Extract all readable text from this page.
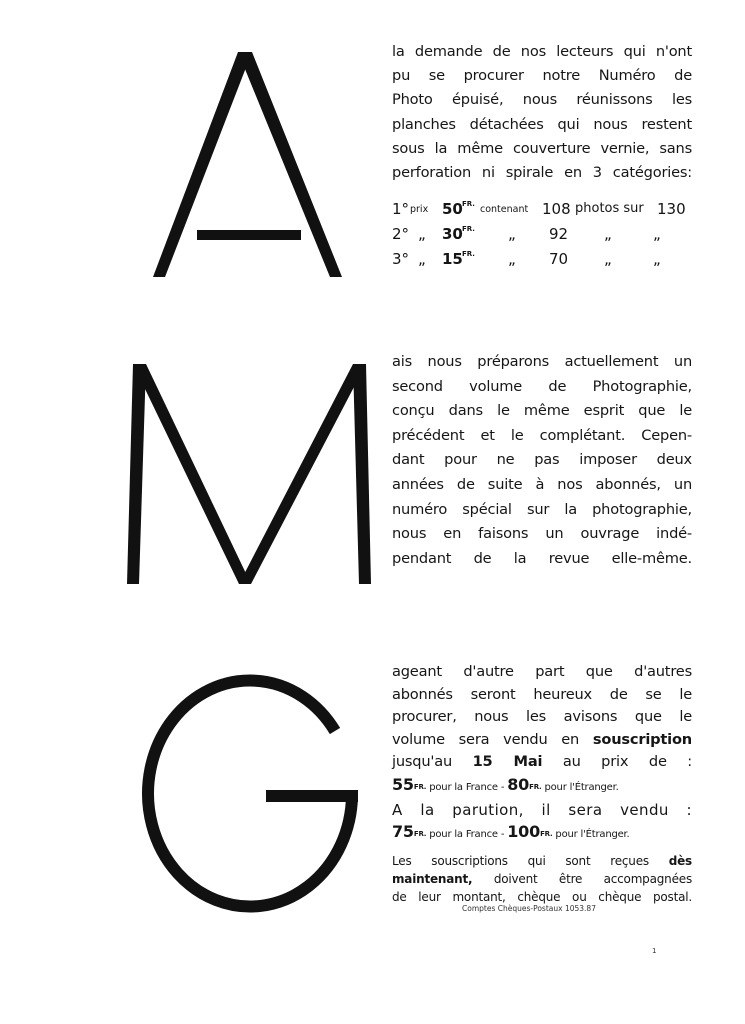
A
M
G
la demande de nos lecteurs qui n'ont
pu se procurer notre Numéro de
Photo épuisé, nous réunissons les
planches détachées qui nous restent
sous la même couverture vernie, sans
perforation ni spirale en 3 catégories:
1° prix 50 FR. contenant 108 photos sur 130
2° „ 30 FR. „ 92 „	„
3° „ 15 FR. „ 70 „	„
ais nous préparons actuellement un
second volume de Photographie,
conçu dans le même esprit que le
précédent et le complétant. Cepen-
dant pour ne pas imposer deux
années de suite à nos abonnés, un
numéro spécial sur la photographie,
nous en faisons un ouvrage indé-
pendant de la revue elle-même.
ageant d'autre part que d'autres
abonnés seront heureux de se le
procurer, nous les avisons que le
volume sera vendu en souscription
jusqu'au 15 Mai au prix de :
$55^{FR.}$ pour la France - $80^{FR.}$ pour l'Étranger.
A la parution, il sera vendu :
$75^{FR.}$ pour la France - $100^{FR.}$ pour l'Étranger.
Les souscriptions qui sont reçues dès
maintenant, doivent être accompagnées
de leur montant, chèque ou chèque postal.
Comptes Chèques-Postaux 1053.87
1
